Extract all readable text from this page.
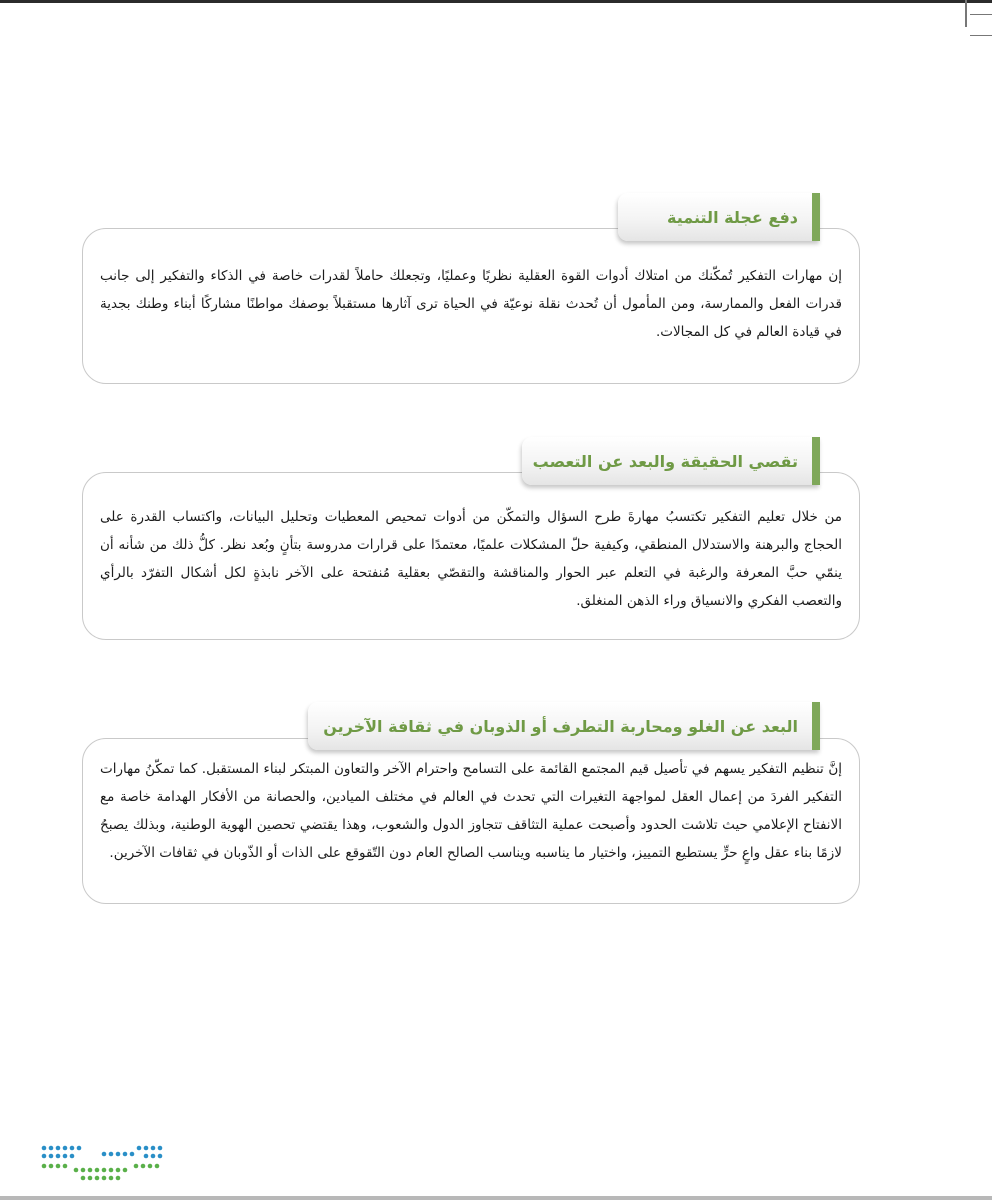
إن مهارات التفكير تُمكّنك من امتلاك أدوات القوة العقلية نظريًا وعمليًا، وتجعلك حاملاً لقدرات خاصة في الذكاء والتفكير إلى جانب قدرات الفعل والممارسة، ومن المأمول أن تُحدث نقلة نوعيّة في الحياة ترى آثارها مستقبلاً بوصفك مواطنًا مشاركًا أبناء وطنك بجدية في قيادة العالم في كل المجالات.
دفع عجلة التنمية
من خلال تعليم التفكير تكتسبُ مهارةَ طرح السؤال والتمكّن من أدوات تمحيص المعطيات وتحليل البيانات، واكتساب القدرة على الحجاج والبرهنة والاستدلال المنطقي، وكيفية حلّ المشكلات علميًا، معتمدًا على قرارات مدروسة بتأنٍ وبُعد نظر. كلُّ ذلك من شأنه أن ينمّي حبَّ المعرفة والرغبة في التعلم عبر الحوار والمناقشة والتقصّي بعقلية مُنفتحة على الآخر نابذةٍ لكل أشكال التفرّد بالرأي والتعصب الفكري والانسياق وراء الذهن المنغلق.
تقصي الحقيقة والبعد عن التعصب
إنَّ تنظيم التفكير يسهم في تأصيل قيم المجتمع القائمة على التسامح واحترام الآخر والتعاون المبتكر لبناء المستقبل. كما تمكّنُ مهارات التفكير الفردَ من إعمال العقل لمواجهة التغيرات التي تحدث في العالم في مختلف الميادين، والحصانة من الأفكار الهدامة خاصة مع الانفتاح الإعلامي حيث تلاشت الحدود وأصبحت عملية التثاقف تتجاوز الدول والشعوب، وهذا يقتضي تحصين الهوية الوطنية، وبذلك يصبحُ لازمًا بناء عقل واعٍ حرٍّ يستطيع التمييز، واختيار ما يناسبه ويناسب الصالح العام دون التّقوقع على الذات أو الذّوبان في ثقافات الآخرين.
البعد عن الغلو ومحاربة التطرف أو الذوبان في ثقافة الآخرين
